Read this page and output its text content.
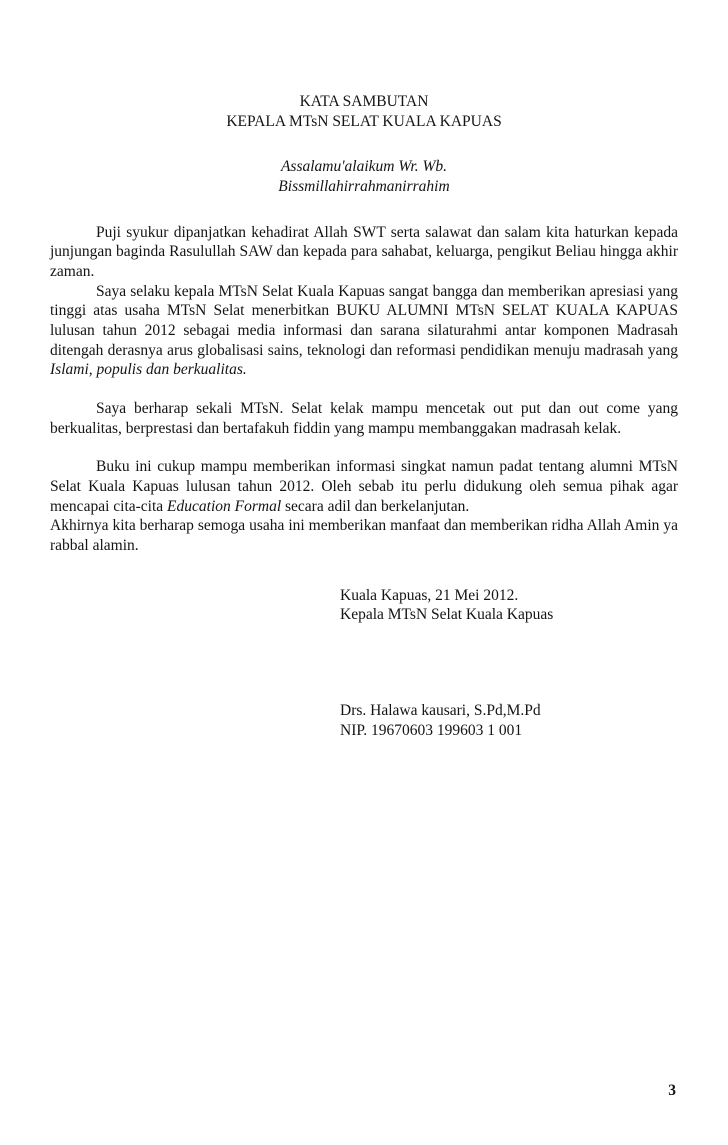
KATA SAMBUTAN
KEPALA MTsN SELAT KUALA KAPUAS
Assalamu'alaikum Wr. Wb.
Bissmillahirrahmanirrahim

Puji syukur dipanjatkan kehadirat Allah SWT serta salawat dan salam kita haturkan kepada junjungan baginda Rasulullah SAW dan kepada para sahabat, keluarga, pengikut Beliau hingga akhir zaman.

Saya selaku kepala MTsN Selat Kuala Kapuas sangat bangga dan memberikan apresiasi yang tinggi atas usaha MTsN Selat menerbitkan BUKU ALUMNI MTsN SELAT KUALA KAPUAS lulusan tahun 2012 sebagai media informasi dan sarana silaturahmi antar komponen Madrasah ditengah derasnya arus globalisasi sains, teknologi dan reformasi pendidikan menuju madrasah yang Islami, populis dan berkualitas.

Saya berharap sekali MTsN. Selat kelak mampu mencetak out put dan out come yang berkualitas, berprestasi dan bertafakuh fiddin yang mampu membanggakan madrasah kelak.

Buku ini cukup mampu memberikan informasi singkat namun padat tentang alumni MTsN Selat Kuala Kapuas lulusan tahun 2012. Oleh sebab itu perlu didukung oleh semua pihak agar mencapai cita-cita Education Formal secara adil dan berkelanjutan.

Akhirnya kita berharap semoga usaha ini memberikan manfaat dan memberikan ridha Allah Amin ya rabbal alamin.

Kuala Kapuas, 21 Mei 2012.
Kepala MTsN Selat Kuala Kapuas
Drs. Halawa kausari, S.Pd,M.Pd
NIP. 19670603 199603 1 001
3
